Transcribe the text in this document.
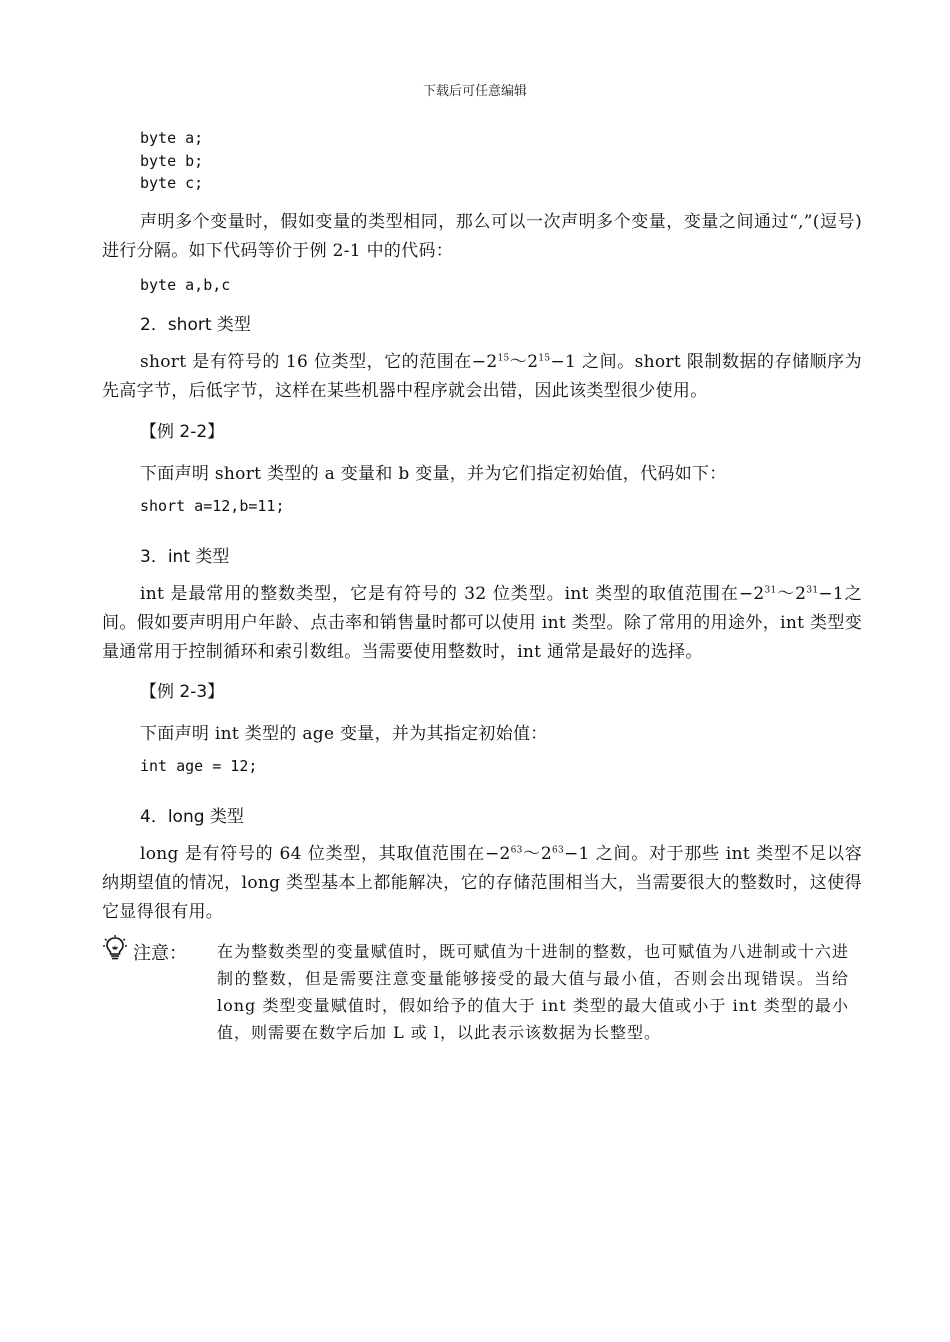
下载后可任意编辑
byte a;
byte b;
byte c;
声明多个变量时，假如变量的类型相同，那么可以一次声明多个变量，变量之间通过“,”(逗号)进行分隔。如下代码等价于例 2-1 中的代码：
byte a,b,c
2．short 类型
short 是有符号的 16 位类型，它的范围在$-2^{15}\sim 2^{15}-1$ 之间。short 限制数据的存储顺序为先高字节，后低字节，这样在某些机器中程序就会出错，因此该类型很少使用。
【例 2-2】
下面声明 short 类型的 a 变量和 b 变量，并为它们指定初始值，代码如下：
short a=12,b=11;
3．int 类型
int 是最常用的整数类型，它是有符号的 32 位类型。int 类型的取值范围在$-2^{31}\sim 2^{31}-1$之间。假如要声明用户年龄、点击率和销售量时都可以使用 int 类型。除了常用的用途外，int 类型变量通常用于控制循环和索引数组。当需要使用整数时，int 通常是最好的选择。
【例 2-3】
下面声明 int 类型的 age 变量，并为其指定初始值：
int age = 12;
4．long 类型
long 是有符号的 64 位类型，其取值范围在$-2^{63}\sim 2^{63}-1$ 之间。对于那些 int 类型不足以容纳期望值的情况，long 类型基本上都能解决，它的存储范围相当大，当需要很大的整数时，这使得它显得很有用。
注意： 在为整数类型的变量赋值时，既可赋值为十进制的整数，也可赋值为八进制或十六进制的整数，但是需要注意变量能够接受的最大值与最小值，否则会出现错误。当给 long 类型变量赋值时，假如给予的值大于 int 类型的最大值或小于 int 类型的最小值，则需要在数字后加 L 或 l，以此表示该数据为长整型。
